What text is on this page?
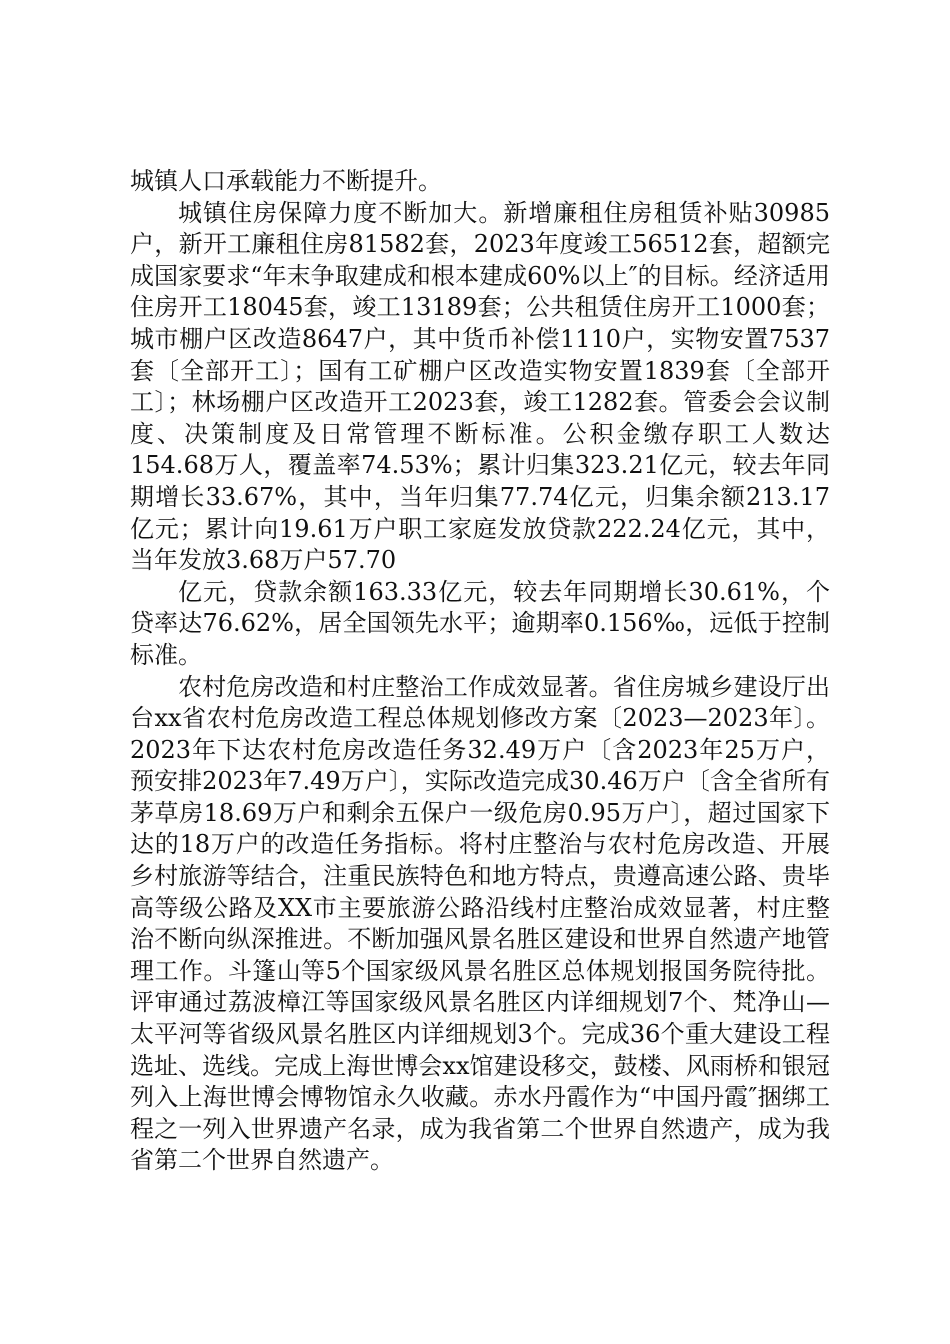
城镇人口承载能力不断提升。

城镇住房保障力度不断加大。新增廉租住房租赁补贴30985户，新开工廉租住房81582套，2023年度竣工56512套，超额完成国家要求“年末争取建成和根本建成60%以上″的目标。经济适用住房开工18045套，竣工13189套；公共租赁住房开工1000套；城市棚户区改造8647户，其中货币补偿1110户，实物安置7537套〔全部开工〕；国有工矿棚户区改造实物安置1839套〔全部开工〕；林场棚户区改造开工2023套，竣工1282套。管委会会议制度、决策制度及日常管理不断标准。公积金缴存职工人数达154.68万人，覆盖率74.53%；累计归集323.21亿元，较去年同期增长33.67%，其中，当年归集77.74亿元，归集余额213.17亿元；累计向19.61万户职工家庭发放贷款222.24亿元，其中，当年发放3.68万户57.70

亿元，贷款余额163.33亿元，较去年同期增长30.61%，个贷率达76.62%，居全国领先水平；逾期率0.156‰，远低于控制标准。

农村危房改造和村庄整治工作成效显著。省住房城乡建设厅出台xx省农村危房改造工程总体规划修改方案〔2023—2023年〕。2023年下达农村危房改造任务32.49万户〔含2023年25万户，预安排2023年7.49万户〕，实际改造完成30.46万户〔含全省所有茅草房18.69万户和剩余五保户一级危房0.95万户〕，超过国家下达的18万户的改造任务指标。将村庄整治与农村危房改造、开展乡村旅游等结合，注重民族特色和地方特点，贵遵高速公路、贵毕高等级公路及XX市主要旅游公路沿线村庄整治成效显著，村庄整治不断向纵深推进。不断加强风景名胜区建设和世界自然遗产地管理工作。斗篷山等5个国家级风景名胜区总体规划报国务院待批。评审通过荔波樟江等国家级风景名胜区内详细规划7个、梵净山—太平河等省级风景名胜区内详细规划3个。完成36个重大建设工程选址、选线。完成上海世博会xx馆建设移交，鼓楼、风雨桥和银冠列入上海世博会博物馆永久收藏。赤水丹霞作为“中国丹霞″捆绑工程之一列入世界遗产名录，成为我省第二个世界自然遗产，成为我省第二个世界自然遗产。
